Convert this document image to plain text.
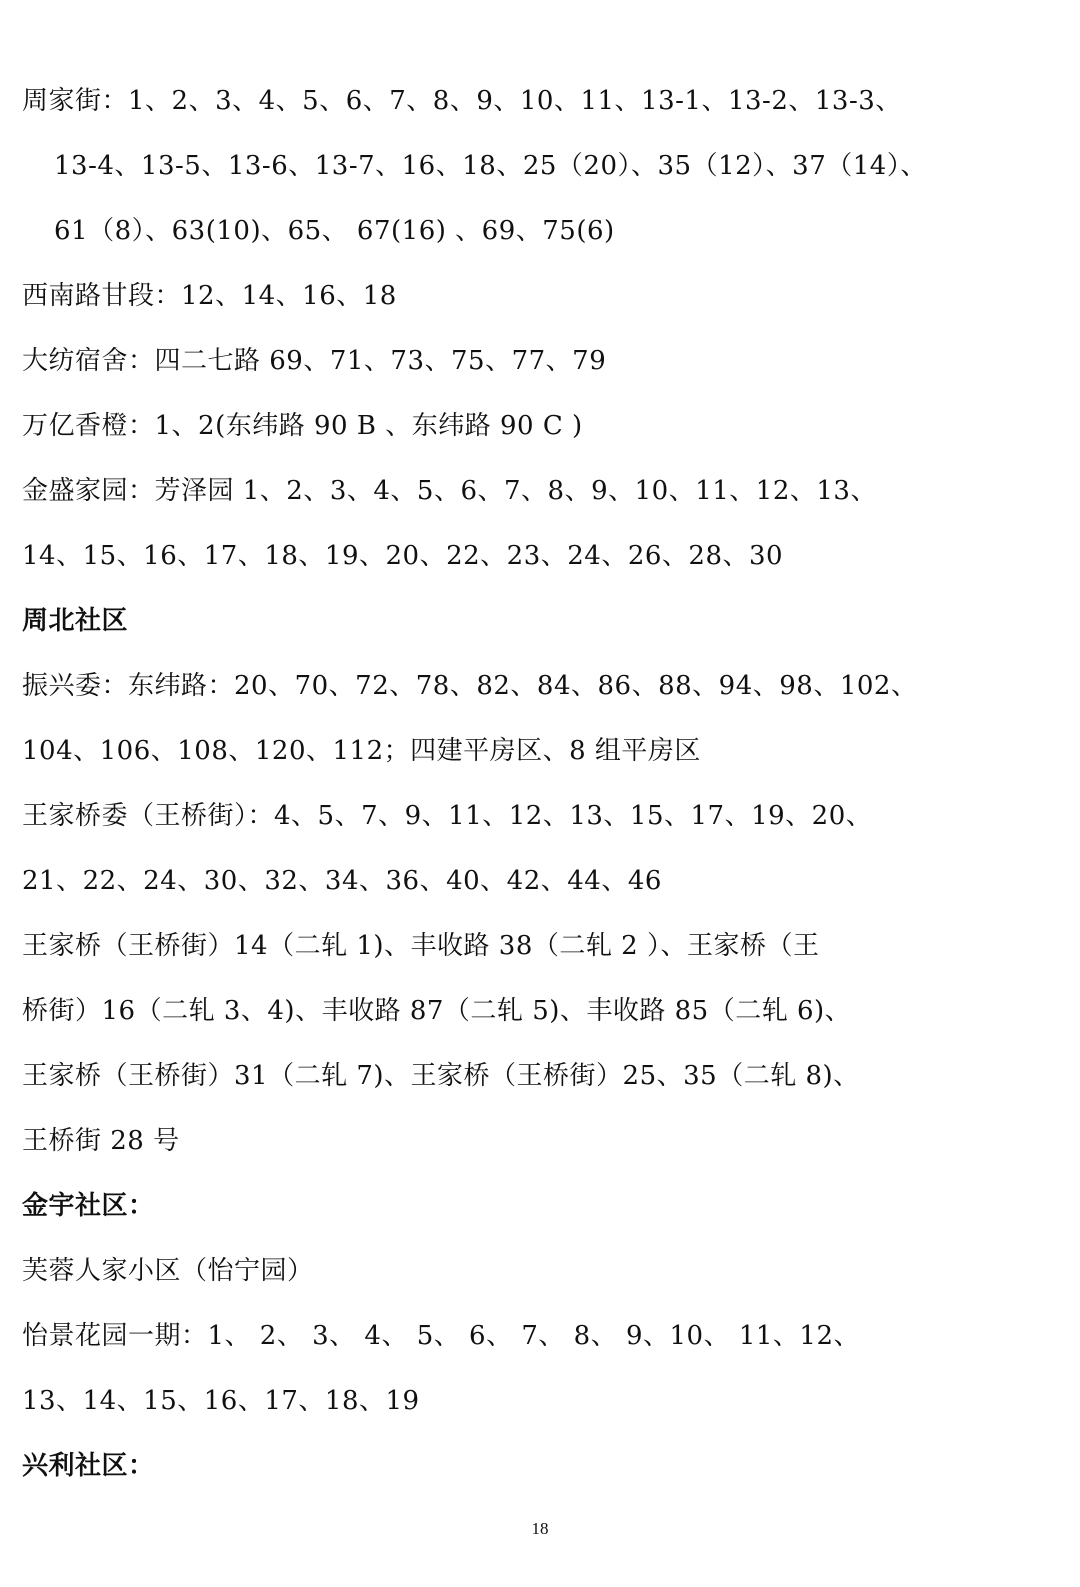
周家街：1、2、3、4、5、6、7、8、9、10、11、13-1、13-2、13-3、
13-4、13-5、13-6、13-7、16、18、25（20）、35（12）、37（14）、
61（8）、63(10)、65、 67(16) 、69、75(6)
西南路甘段：12、14、16、18
大纺宿舍：四二七路 69、71、73、75、77、79
万亿香橙：1、2(东纬路 90 B 、东纬路 90 C )
金盛家园：芳泽园 1、2、3、4、5、6、7、8、9、10、11、12、13、
14、15、16、17、18、19、20、22、23、24、26、28、30
周北社区
振兴委：东纬路：20、70、72、78、82、84、86、88、94、98、102、
104、106、108、120、112；四建平房区、8 组平房区
王家桥委（王桥街）：4、5、7、9、11、12、13、15、17、19、20、
21、22、24、30、32、34、36、40、42、44、46
王家桥（王桥街）14（二轧 1)、丰收路 38（二轧 2 ）、王家桥（王
桥街）16（二轧 3、4)、丰收路 87（二轧 5)、丰收路 85（二轧 6)、
王家桥（王桥街）31（二轧 7)、王家桥（王桥街）25、35（二轧 8)、
王桥街 28 号
金宇社区：
芙蓉人家小区（怡宁园）
怡景花园一期：1、 2、 3、 4、 5、 6、 7、 8、 9、10、 11、12、
13、14、15、16、17、18、19
兴利社区：
18
